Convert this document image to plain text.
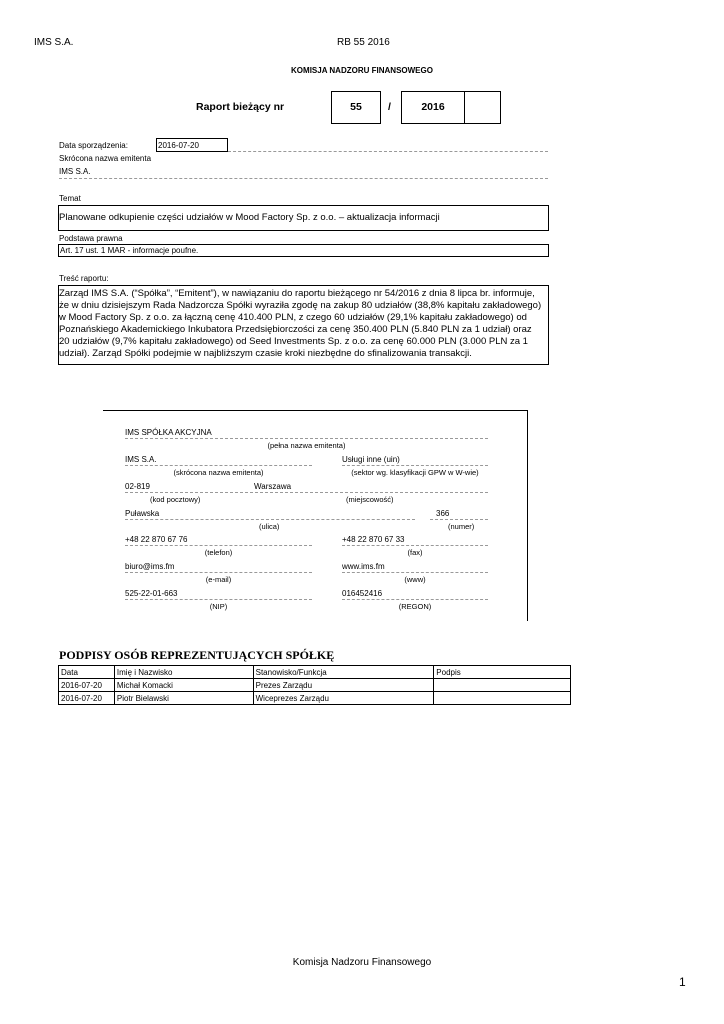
IMS S.A.	RB 55 2016
KOMISJA NADZORU FINANSOWEGO
Raport bieżący nr	55	/	2016
Data sporządzenia:	2016-07-20
Skrócona nazwa emitenta
IMS S.A.
Temat
Planowane odkupienie części udziałów w Mood Factory Sp. z o.o. – aktualizacja informacji
Podstawa prawna
Art. 17 ust. 1 MAR - informacje poufne.
Treść raportu:
Zarząd IMS S.A. (“Spółka”, “Emitent”), w nawiązaniu do raportu bieżącego nr 54/2016 z dnia 8 lipca br. informuje,
że w dniu dzisiejszym Rada Nadzorcza Spółki wyraziła zgodę na zakup 80 udziałów (38,8% kapitału zakładowego)
w Mood Factory Sp. z o.o. za łączną cenę 410.400 PLN, z czego 60 udziałów (29,1% kapitału zakładowego) od
Poznańskiego Akademickiego Inkubatora Przedsiębiorczości za cenę 350.400 PLN (5.840 PLN za 1 udział) oraz
20 udziałów (9,7% kapitału zakładowego) od Seed Investments Sp. z o.o. za cenę 60.000 PLN (3.000 PLN za 1
udział). Zarząd Spółki podejmie w najbliższym czasie kroki niezbędne do sfinalizowania transakcji.
IMS SPÓŁKA AKCYJNA
(pełna nazwa emitenta)
IMS S.A.
(skrócona nazwa emitenta)
Usługi inne (uin)
(sektor wg. klasyfikacji GPW w W-wie)
02-819	Warszawa
(kod pocztowy)	(miejscowość)
Puławska	366
(ulica)	(numer)
+48 22 870 67 76	+48 22 870 67 33
(telefon)	(fax)
biuro@ims.fm	www.ims.fm
(e-mail)	(www)
525-22-01-663	016452416
(NIP)	(REGON)
PODPISY OSÓB REPREZENTUJĄCYCH SPÓŁKĘ
Data	Imię i Nazwisko	Stanowisko/Funkcja	Podpis
2016-07-20	Michał Komacki	Prezes Zarządu	
2016-07-20	Piotr Bielawski	Wiceprezes Zarządu	
Komisja Nadzoru Finansowego
1
